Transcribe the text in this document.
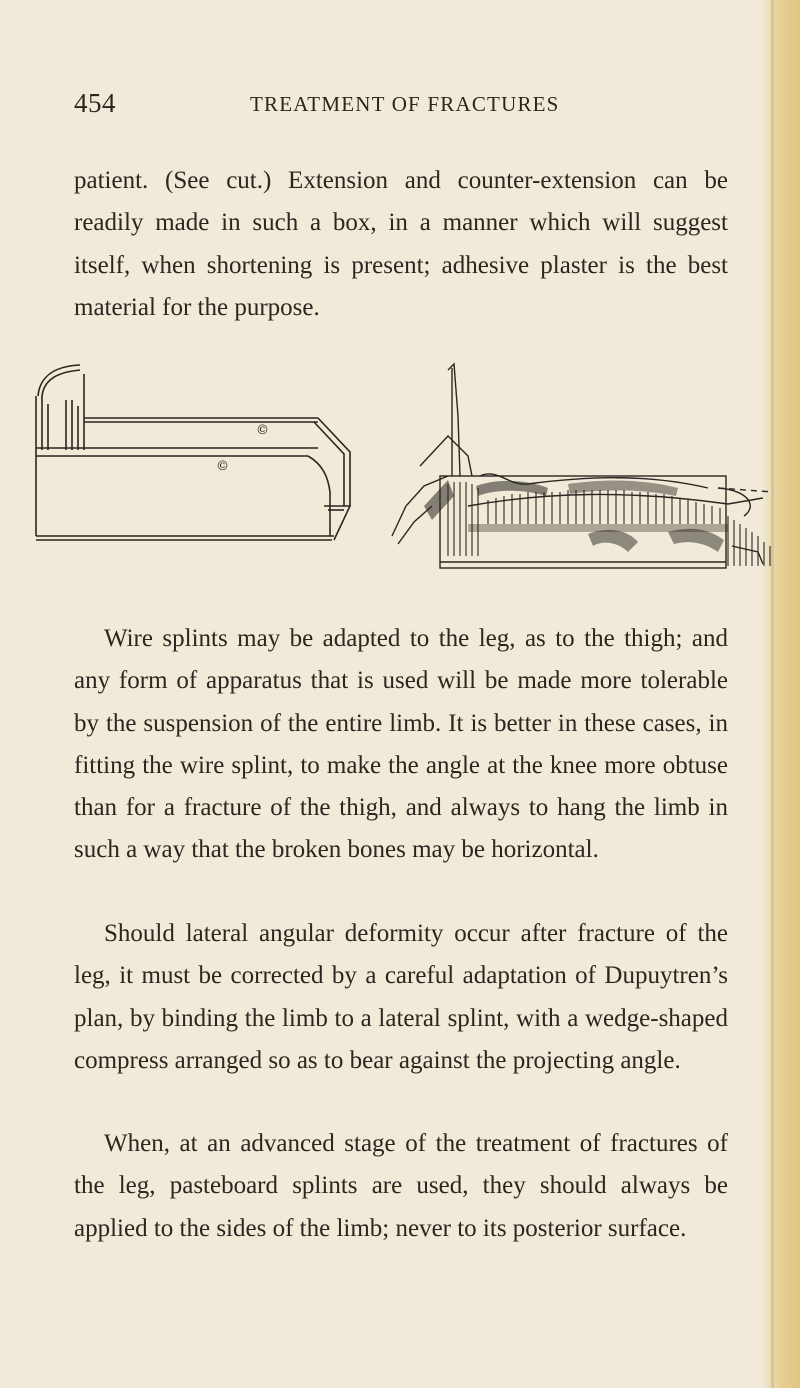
454	TREATMENT OF FRACTURES

patient. (See cut.) Extension and counter-extension can be readily made in such a box, in a manner which will suggest itself, when shortening is present; adhesive plaster is the best material for the purpose.

©
©

Wire splints may be adapted to the leg, as to the thigh; and any form of apparatus that is used will be made more tolerable by the suspension of the entire limb. It is better in these cases, in fitting the wire splint, to make the angle at the knee more obtuse than for a fracture of the thigh, and always to hang the limb in such a way that the broken bones may be horizontal.

Should lateral angular deformity occur after fracture of the leg, it must be corrected by a careful adaptation of Dupuytren’s plan, by binding the limb to a lateral splint, with a wedge-shaped compress arranged so as to bear against the projecting angle.

When, at an advanced stage of the treatment of fractures of the leg, pasteboard splints are used, they should always be applied to the sides of the limb; never to its posterior surface.
